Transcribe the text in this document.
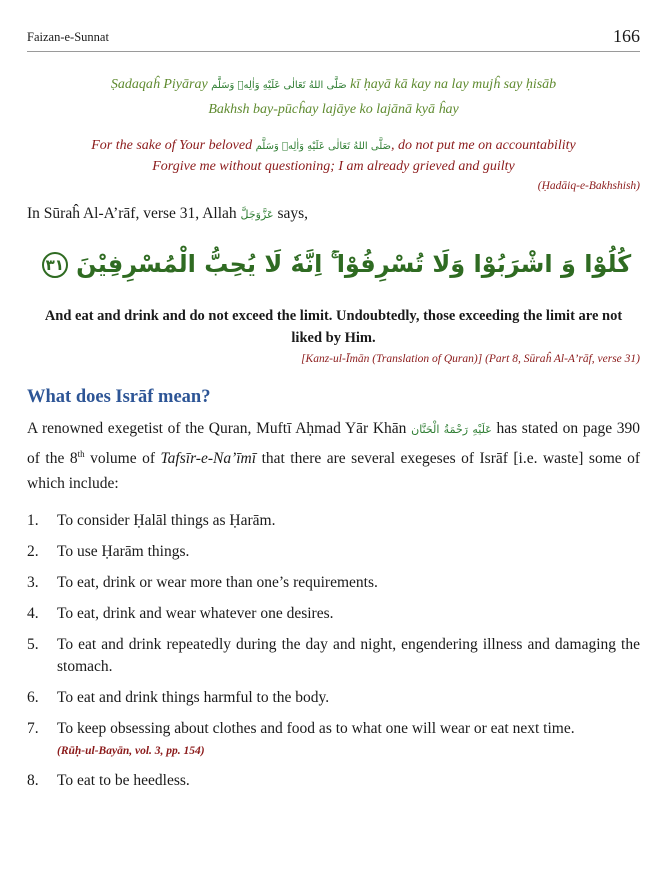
Faizan-e-Sunnat	166
Ṣadaqaĥ Piyāray صَلَّى اللهُ تَعَالٰى عَلَيْهِ وَاٰلِهٖ وَسَلَّم kī ḥayā kā kay na lay mujĥ say ḥisāb
Bakhsh bay-pūcĥay lajāye ko lajānā kyā ĥay
For the sake of Your beloved صَلَّى اللهُ تَعَالٰى عَلَيْهِ وَاٰلِهٖ وَسَلَّم, do not put me on accountability
Forgive me without questioning; I am already grieved and guilty
(Ḥadāiq-e-Bakhshish)
In Sūraĥ Al-A’rāf, verse 31, Allah عَزَّوَجَلَّ says,
كُلُوْا وَ اشْرَبُوْا وَلَا تُسْرِفُوْا ۚ اِنَّهٗ لَا يُحِبُّ الْمُسْرِفِيْنَ ٣١
And eat and drink and do not exceed the limit. Undoubtedly, those exceeding the limit are not liked by Him.
[Kanz-ul-Īmān (Translation of Quran)] (Part 8, Sūraĥ Al-A’rāf, verse 31)
What does Isrāf mean?
A renowned exegetist of the Quran, Muftī Aḥmad Yār Khān عَلَيْهِ رَحْمَةُ الْحَنَّان has stated on page 390 of the 8th volume of Tafsīr-e-Na’īmī that there are several exegeses of Isrāf [i.e. waste] some of which include:
1.	To consider Ḥalāl things as Ḥarām.
2.	To use Ḥarām things.
3.	To eat, drink or wear more than one’s requirements.
4.	To eat, drink and wear whatever one desires.
5.	To eat and drink repeatedly during the day and night, engendering illness and damaging the stomach.
6.	To eat and drink things harmful to the body.
7.	To keep obsessing about clothes and food as to what one will wear or eat next time.
(Rūḥ-ul-Bayān, vol. 3, pp. 154)
8.	To eat to be heedless.
